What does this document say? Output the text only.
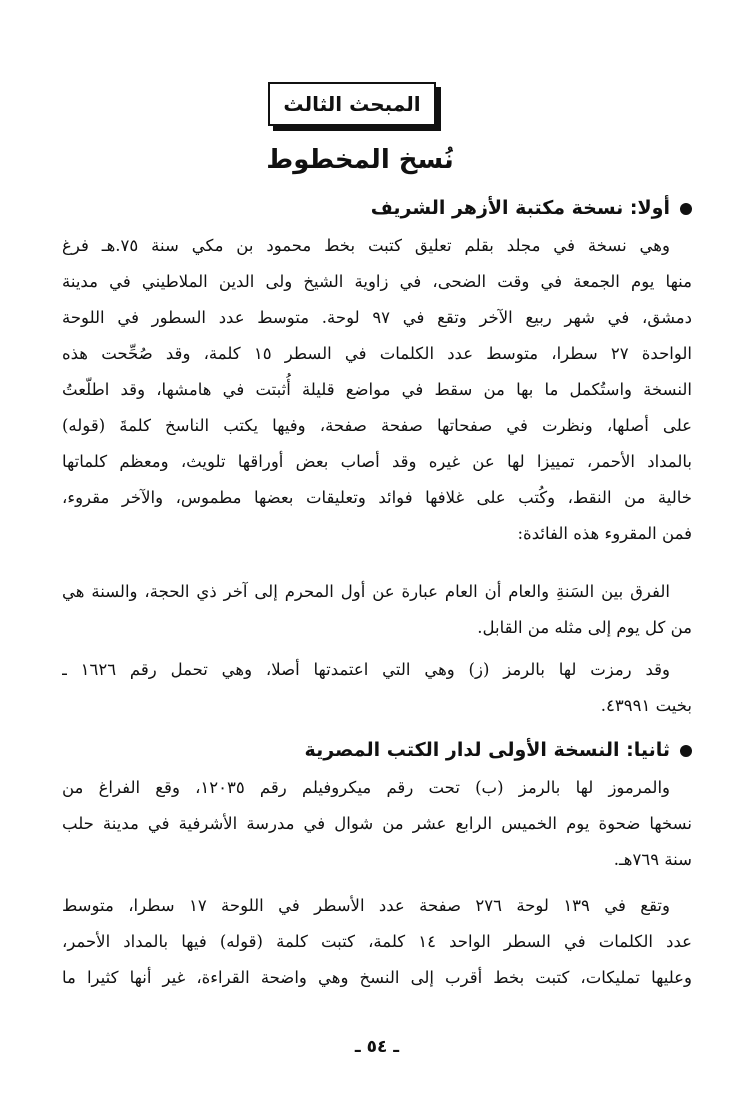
المبحث الثالث
نُسخ المخطوط
أولا: نسخة مكتبة الأزهر الشريف
وهي نسخة في مجلد بقلم تعليق كتبت بخط محمود بن مكي سنة ٧٥.هـ فرغ
منها يوم الجمعة في وقت الضحى، في زاوية الشيخ ولى الدين الملاطيني في مدينة
دمشق، في شهر ربيع الآخر وتقع في ٩٧ لوحة. متوسط عدد السطور في اللوحة
الواحدة ٢٧ سطرا، متوسط عدد الكلمات في السطر ١٥ كلمة، وقد صُحِّحت هذه
النسخة واستُكمل ما بها من سقط في مواضع قليلة أُثبتت في هامشها، وقد اطلّعتُ
على أصلها، ونظرت في صفحاتها صفحة صفحة، وفيها يكتب الناسخ كلمةَ (قوله)
بالمداد الأحمر، تمييزا لها عن غيره وقد أصاب بعض أوراقها تلويث، ومعظم كلماتها
خالية من النقط، وكُتب على غلافها فوائد وتعليقات بعضها مطموس، والآخر مقروء،
فمن المقروء هذه الفائدة:
الفرق بين السَنةِ والعام أن العام عبارة عن أول المحرم إلى آخر ذي الحجة، والسنة هي
من كل يوم إلى مثله من القابل.
وقد رمزت لها بالرمز (ز) وهي التي اعتمدتها أصلا، وهي تحمل رقم ١٦٢٦ ـ
بخيت ٤٣٩٩١.
ثانيا: النسخة الأولى لدار الكتب المصرية
والمرموز لها بالرمز (ب) تحت رقم ميكروفيلم رقم ١٢٠٣٥، وقع الفراغ من
نسخها ضحوة يوم الخميس الرابع عشر من شوال في مدرسة الأشرفية في مدينة حلب
سنة ٧٦٩هـ.
وتقع في ١٣٩ لوحة ٢٧٦ صفحة عدد الأسطر في اللوحة ١٧ سطرا، متوسط
عدد الكلمات في السطر الواحد ١٤ كلمة، كتبت كلمة (قوله) فيها بالمداد الأحمر،
وعليها تمليكات، كتبت بخط أقرب إلى النسخ وهي واضحة القراءة، غير أنها كثيرا ما
ـ ٥٤ ـ
